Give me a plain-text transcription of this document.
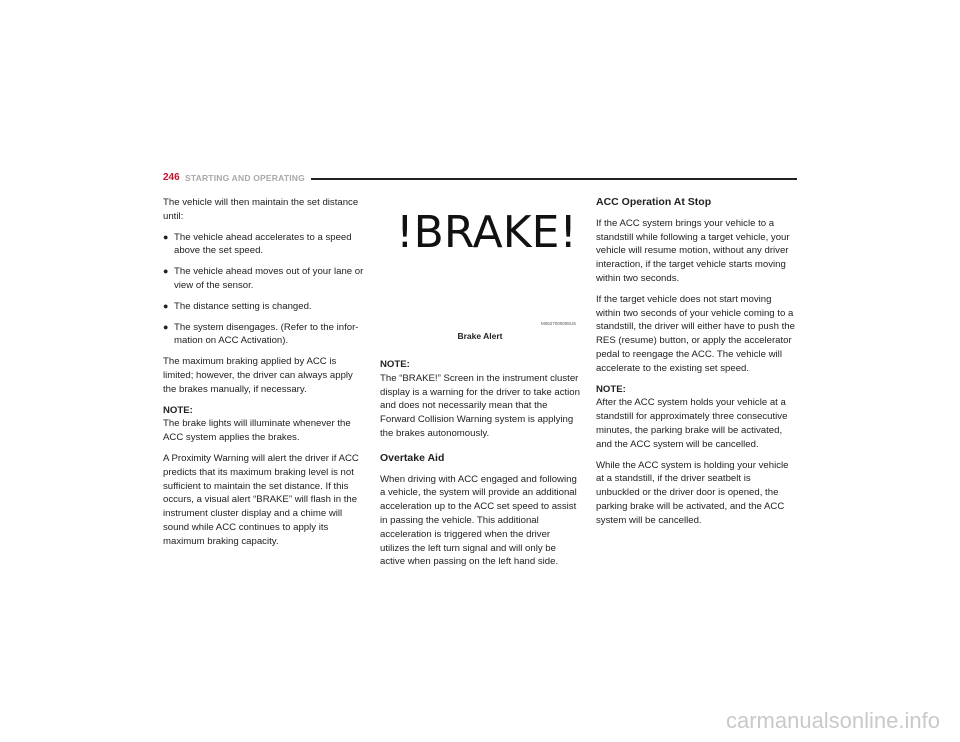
246 STARTING AND OPERATING

The vehicle will then maintain the set distance until:

● The vehicle ahead accelerates to a speed above the set speed.
● The vehicle ahead moves out of your lane or view of the sensor.
● The distance setting is changed.
● The system disengages. (Refer to the infor-mation on ACC Activation).

The maximum braking applied by ACC is limited; however, the driver can always apply the brakes manually, if necessary.

NOTE:
The brake lights will illuminate whenever the ACC system applies the brakes.

A Proximity Warning will alert the driver if ACC predicts that its maximum braking level is not sufficient to maintain the set distance. If this occurs, a visual alert “BRAKE” will flash in the instrument cluster display and a chime will sound while ACC continues to apply its maximum braking capacity.

!BRAKE!
M0627000008US
Brake Alert

NOTE:
The “BRAKE!” Screen in the instrument cluster display is a warning for the driver to take action and does not necessarily mean that the Forward Collision Warning system is applying the brakes autonomously.

Overtake Aid

When driving with ACC engaged and following a vehicle, the system will provide an additional acceleration up to the ACC set speed to assist in passing the vehicle. This additional acceleration is triggered when the driver utilizes the left turn signal and will only be active when passing on the left hand side.

ACC Operation At Stop

If the ACC system brings your vehicle to a standstill while following a target vehicle, your vehicle will resume motion, without any driver interaction, if the target vehicle starts moving within two seconds.

If the target vehicle does not start moving within two seconds of your vehicle coming to a standstill, the driver will either have to push the RES (resume) button, or apply the accelerator pedal to reengage the ACC. The vehicle will accelerate to the existing set speed.

NOTE:
After the ACC system holds your vehicle at a standstill for approximately three consecutive minutes, the parking brake will be activated, and the ACC system will be cancelled.

While the ACC system is holding your vehicle at a standstill, if the driver seatbelt is unbuckled or the driver door is opened, the parking brake will be activated, and the ACC system will be cancelled.

carmanualsonline.info
